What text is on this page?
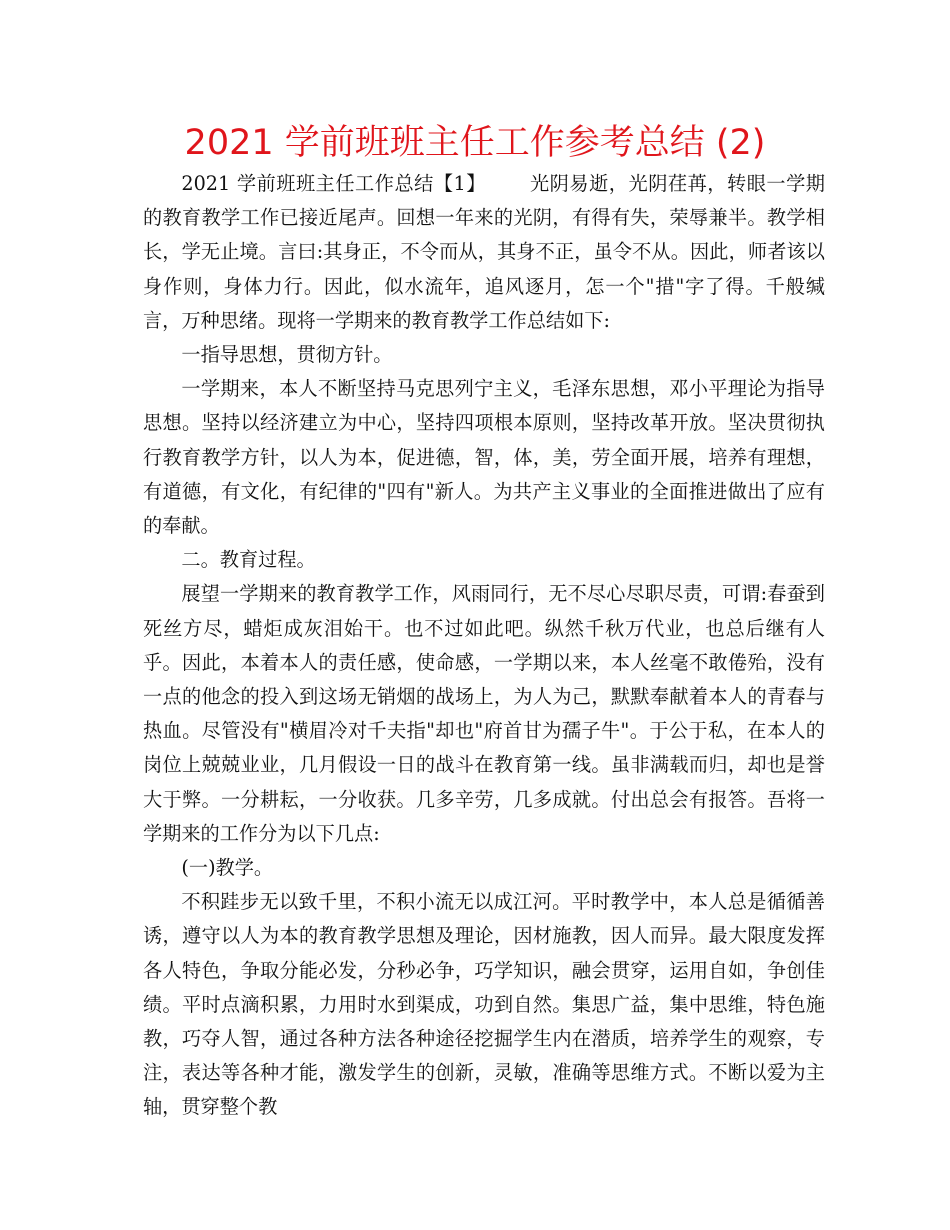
2021 学前班班主任工作参考总结 (2)

2021 学前班班主任工作总结【1】 光阴易逝，光阴荏苒，转眼一学期的教育教学工作已接近尾声。回想一年来的光阴，有得有失，荣辱兼半。教学相长，学无止境。言曰:其身正，不令而从，其身不正，虽令不从。因此，师者该以身作则，身体力行。因此，似水流年，追风逐月，怎一个"措"字了得。千般缄言，万种思绪。现将一学期来的教育教学工作总结如下:

一指导思想，贯彻方针。

一学期来，本人不断坚持马克思列宁主义，毛泽东思想，邓小平理论为指导思想。坚持以经济建立为中心，坚持四项根本原则，坚持改革开放。坚决贯彻执行教育教学方针，以人为本，促进德，智，体，美，劳全面开展，培养有理想，有道德，有文化，有纪律的"四有"新人。为共产主义事业的全面推进做出了应有的奉献。

二。教育过程。

展望一学期来的教育教学工作，风雨同行，无不尽心尽职尽责，可谓:春蚕到死丝方尽，蜡炬成灰泪始干。也不过如此吧。纵然千秋万代业，也总后继有人乎。因此，本着本人的责任感，使命感，一学期以来，本人丝毫不敢倦殆，没有一点的他念的投入到这场无销烟的战场上，为人为己，默默奉献着本人的青春与热血。尽管没有"横眉冷对千夫指"却也"府首甘为孺子牛"。于公于私，在本人的岗位上兢兢业业，几月假设一日的战斗在教育第一线。虽非满载而归，却也是誉大于弊。一分耕耘，一分收获。几多辛劳，几多成就。付出总会有报答。吾将一学期来的工作分为以下几点:

(一)教学。

不积跬步无以致千里，不积小流无以成江河。平时教学中，本人总是循循善诱，遵守以人为本的教育教学思想及理论，因材施教，因人而异。最大限度发挥各人特色，争取分能必发，分秒必争，巧学知识，融会贯穿，运用自如，争创佳绩。平时点滴积累，力用时水到渠成，功到自然。集思广益，集中思维，特色施教，巧夺人智，通过各种方法各种途径挖掘学生内在潜质，培养学生的观察，专注，表达等各种才能，激发学生的创新，灵敏，准确等思维方式。不断以爱为主轴，贯穿整个教
